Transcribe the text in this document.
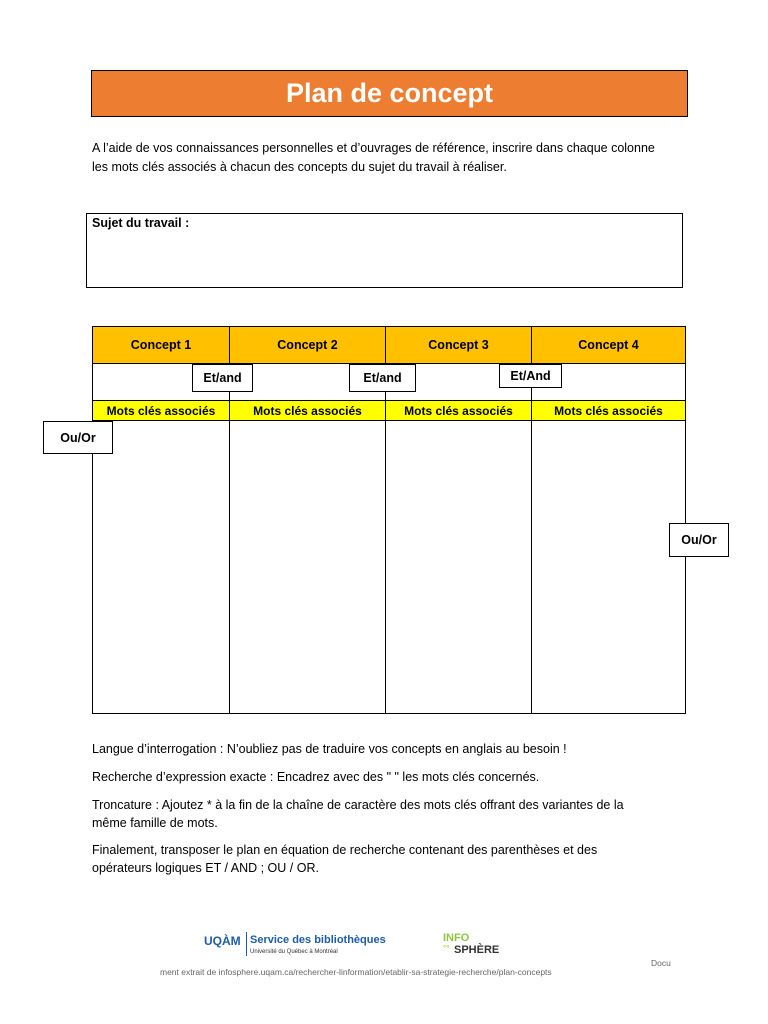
Plan de concept
A l’aide de vos connaissances personnelles et d’ouvrages de référence, inscrire dans chaque colonne
les mots clés associés à chacun des concepts du sujet du travail à réaliser.
Sujet du travail :
Concept 1	Concept 2	Concept 3	Concept 4
Mots clés associés	Mots clés associés	Mots clés associés	Mots clés associés
Et/and	Et/and	Et/And
Ou/Or
Ou/Or
Langue d’interrogation : N’oubliez pas de traduire vos concepts en anglais au besoin !
Recherche d’expression exacte : Encadrez avec des " " les mots clés concernés.
Troncature : Ajoutez * à la fin de la chaîne de caractère des mots clés offrant des variantes de la
même famille de mots.
Finalement, transposer le plan en équation de recherche contenant des parenthèses et des
opérateurs logiques ET / AND ; OU / OR.
UQÀM Service des bibliothèques
Université du Québec à Montréal
INFO
°° SPHÈRE
Docu
ment extrait de infosphere.uqam.ca/rechercher-linformation/etablir-sa-strategie-recherche/plan-concepts
